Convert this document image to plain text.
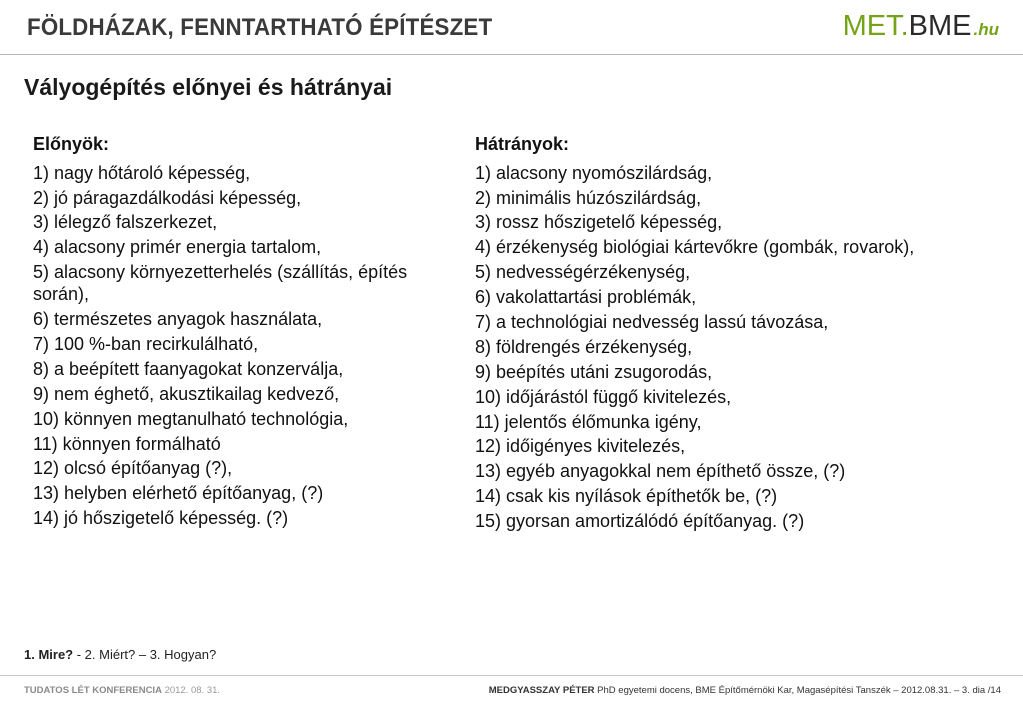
FÖLDHÁZAK, FENNTARTHATÓ ÉPÍTÉSZET	MET.BME .hu
Vályogépítés előnyei és hátrányai
Előnyök:
1) nagy hőtároló képesség,
2) jó páragazdálkodási képesség,
3) lélegző falszerkezet,
4) alacsony primér energia tartalom,
5) alacsony környezetterhelés (szállítás, építés során),
6) természetes anyagok használata,
7) 100 %-ban recirkulálható,
8) a beépített faanyagokat konzerválja,
9) nem éghető, akusztikailag kedvező,
10) könnyen megtanulható technológia,
11) könnyen formálható
12) olcsó építőanyag (?),
13) helyben elérhető építőanyag, (?)
14) jó hőszigetelő képesség. (?)
Hátrányok:
1) alacsony nyomószilárdság,
2) minimális húzószilárdság,
3) rossz hőszigetelő képesség,
4) érzékenység biológiai kártevőkre (gombák, rovarok),
5) nedvességérzékenység,
6) vakolattartási problémák,
7) a technológiai nedvesség lassú távozása,
8) földrengés érzékenység,
9) beépítés utáni zsugorodás,
10) időjárástól függő kivitelezés,
11) jelentős élőmunka igény,
12) időigényes kivitelezés,
13) egyéb anyagokkal nem építhető össze, (?)
14) csak kis nyílások építhetők be, (?)
15) gyorsan amortizálódó építőanyag. (?)
1. Mire? - 2. Miért? – 3. Hogyan?
TUDATOS LÉT KONFERENCIA 2012. 08. 31.	MEDGYASSZAY PÉTER PhD egyetemi docens, BME Építőmérnöki Kar, Magasépítési Tanszék – 2012.08.31. – 3. dia /14
